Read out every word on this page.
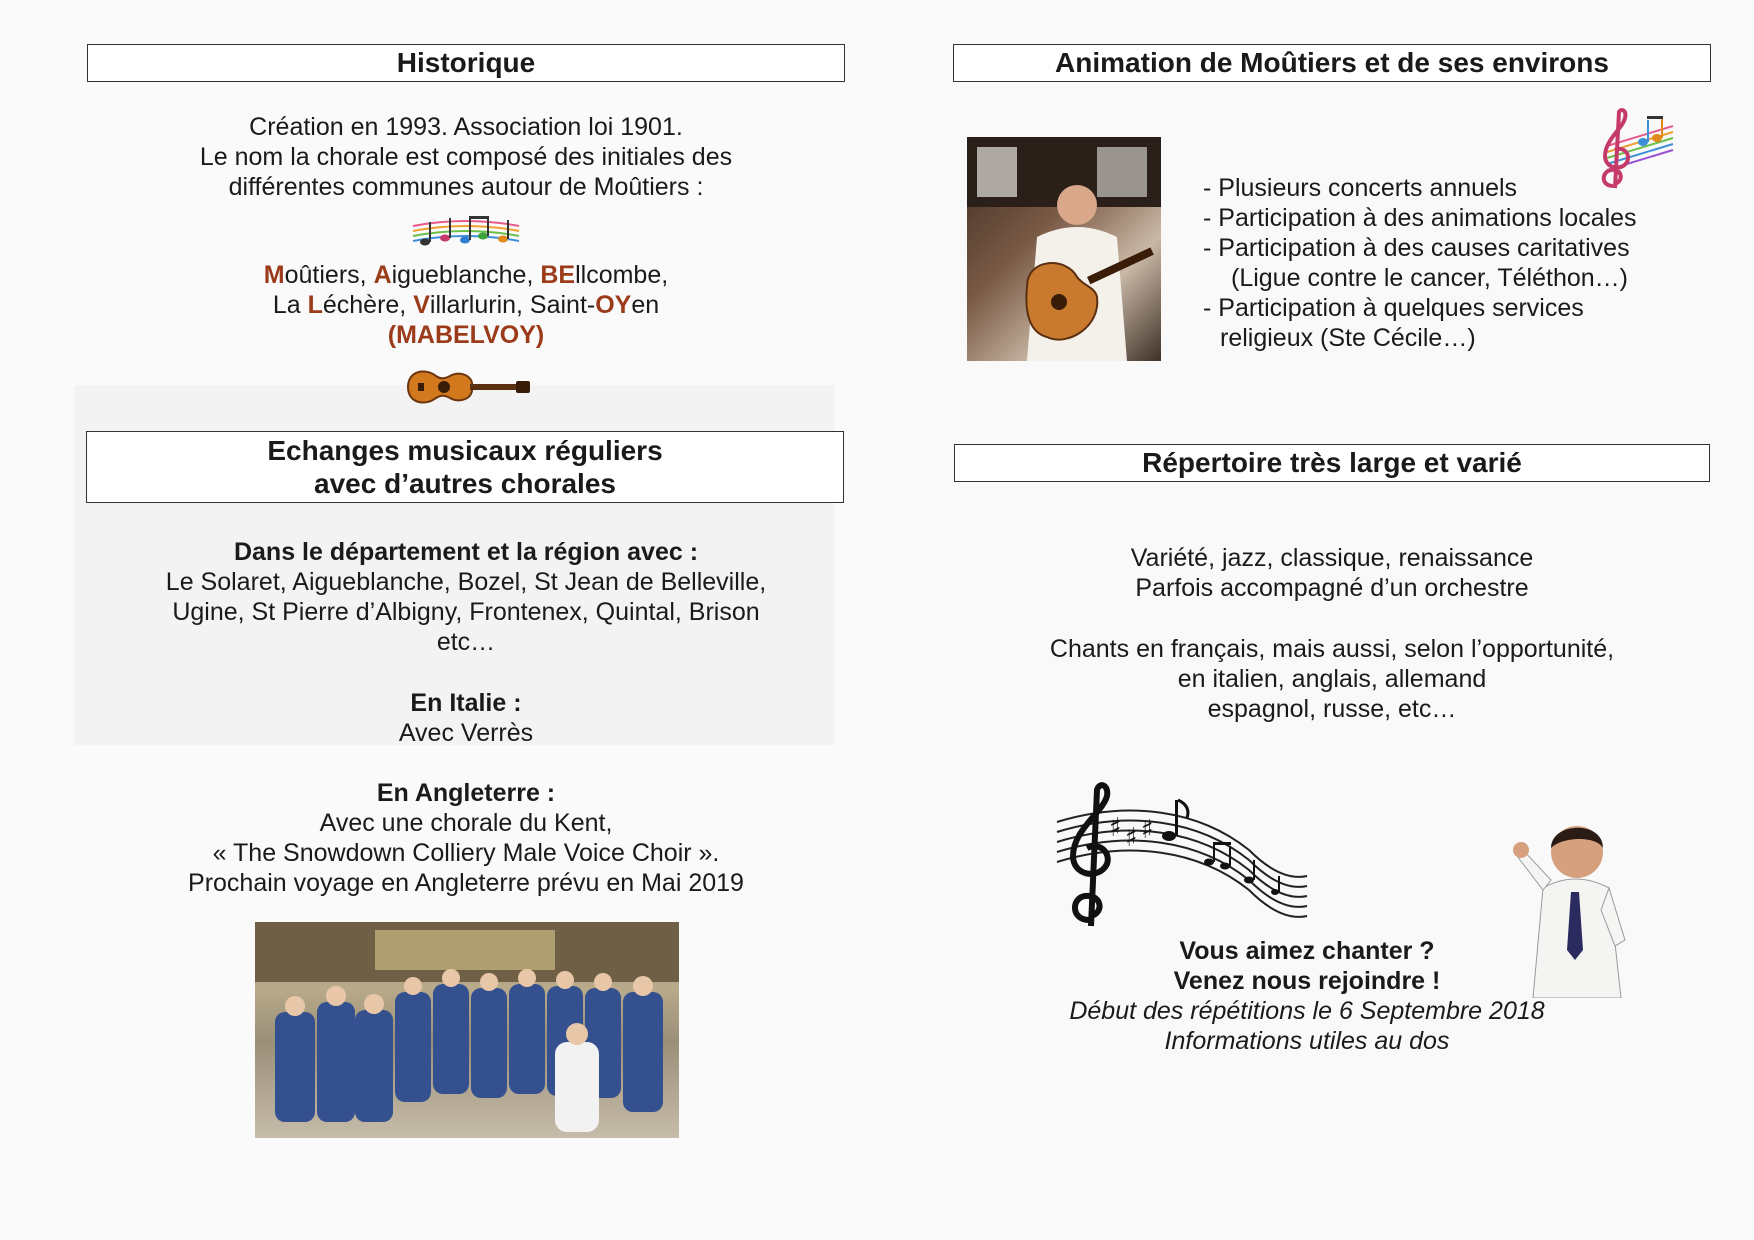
Historique
Création en 1993. Association loi 1901.
Le nom la chorale est composé des initiales des
différentes communes autour de Moûtiers :
Moûtiers, Aigueblanche, BEllcombe,
La Léchère, Villarlurin, Saint-OYen
(MABELVOY)
Echanges musicaux réguliers
avec d’autres chorales
Dans le département et la région avec :
Le Solaret, Aigueblanche, Bozel, St Jean de Belleville,
Ugine, St Pierre d’Albigny, Frontenex, Quintal, Brison
etc…
En Italie :
Avec Verrès
En Angleterre :
Avec une chorale du Kent,
« The Snowdown Colliery Male Voice Choir ».
Prochain voyage en Angleterre prévu en Mai 2019
Animation de Moûtiers et de ses environs
- Plusieurs concerts annuels
- Participation à des animations locales
- Participation à des causes caritatives
(Ligue contre le cancer, Téléthon…)
- Participation à quelques services
religieux (Ste Cécile…)
Répertoire très large et varié
Variété, jazz, classique, renaissance
Parfois accompagné d’un orchestre
Chants en français, mais aussi, selon l’opportunité,
en italien, anglais, allemand
espagnol, russe, etc…
♯ ♯ ♯
Vous aimez chanter ?
Venez nous rejoindre !
Début des répétitions le 6 Septembre 2018
Informations utiles au dos
